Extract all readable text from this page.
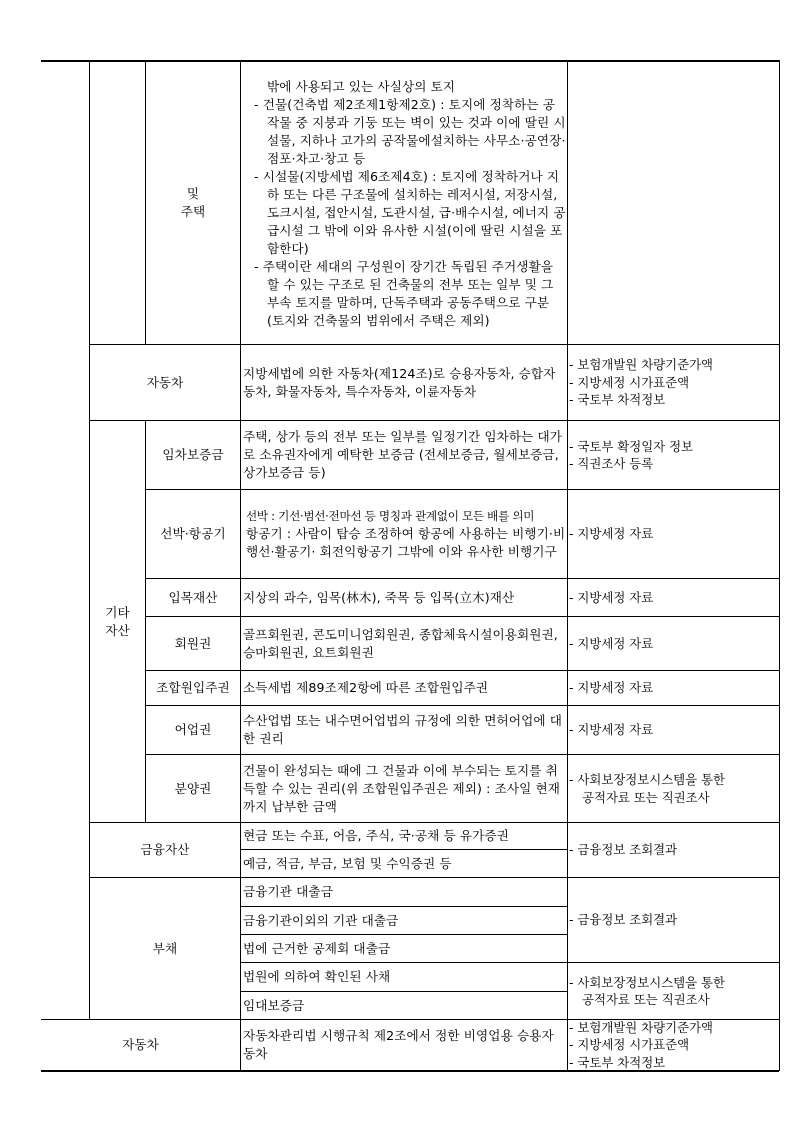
및
주택

밖에 사용되고 있는 사실상의 토지

- 건물(건축법 제2조제1항제2호) : 토지에 정착하는 공작물 중 지붕과 기둥 또는 벽이 있는 것과 이에 딸린 시설물, 지하나 고가의 공작물에설치하는 사무소·공연장·점포·차고·창고 등

- 시설물(지방세법 제6조제4호) : 토지에 정착하거나 지하 또는 다른 구조물에 설치하는 레저시설, 저장시설, 도크시설, 접안시설, 도관시설, 급·배수시설, 에너지 공급시설 그 밖에 이와 유사한 시설(이에 딸린 시설을 포함한다)

- 주택이란 세대의 구성원이 장기간 독립된 주거생활을 할 수 있는 구조로 된 건축물의 전부 또는 일부 및 그 부속 토지를 말하며, 단독주택과 공동주택으로 구분(토지와 건축물의 범위에서 주택은 제외)

자동차
지방세법에 의한 자동차(제124조)로 승용자동차, 승합자동차, 화물자동차, 특수자동차, 이륜자동차
- 보험개발원 차량기준가액
- 지방세정 시가표준액
- 국토부 차적정보
기타
자산
임차보증금
주택, 상가 등의 전부 또는 일부를 일정기간 임차하는 대가로 소유권자에게 예탁한 보증금 (전세보증금, 월세보증금, 상가보증금 등)
- 국토부 확정일자 정보
- 직권조사 등록
선박·항공기
선박 : 기선·범선·전마선 등 명칭과 관계없이 모든 배를 의미
항공기 : 사람이 탑승 조정하여 항공에 사용하는 비행기·비행선·활공기· 회전익항공기 그밖에 이와 유사한 비행기구
- 지방세정 자료
입목재산 지상의 과수, 임목(林木), 죽목 등 입목(立木)재산	- 지방세정 자료
회원권
골프회원권, 콘도미니엄회원권, 종합체육시설이용회원권, 승마회원권, 요트회원권
- 지방세정 자료
조합원입주권 소득세법 제89조제2항에 따른 조합원입주권	- 지방세정 자료
어업권
수산업법 또는 내수면어업법의 규정에 의한 면허어업에 대한 권리
- 지방세정 자료
분양권
건물이 완성되는 때에 그 건물과 이에 부수되는 토지를 취득할 수 있는 권리(위 조합원입주권은 제외) : 조사일 현재까지 납부한 금액
- 사회보장정보시스템을 통한
공적자료 또는 직권조사
금융자산
현금 또는 수표, 어음, 주식, 국·공채 등 유가증권
예금, 적금, 부금, 보험 및 수익증권 등
- 금융정보 조회결과
부채
금융기관 대출금
금융기관이외의 기관 대출금
법에 근거한 공제회 대출금
법원에 의하여 확인된 사채
임대보증금
- 금융정보 조회결과
- 사회보장정보시스템을 통한
공적자료 또는 직권조사
자동차
자동차관리법 시행규칙 제2조에서 정한 비영업용 승용자동차
- 보험개발원 차량기준가액
- 지방세정 시가표준액
- 국토부 차적정보
